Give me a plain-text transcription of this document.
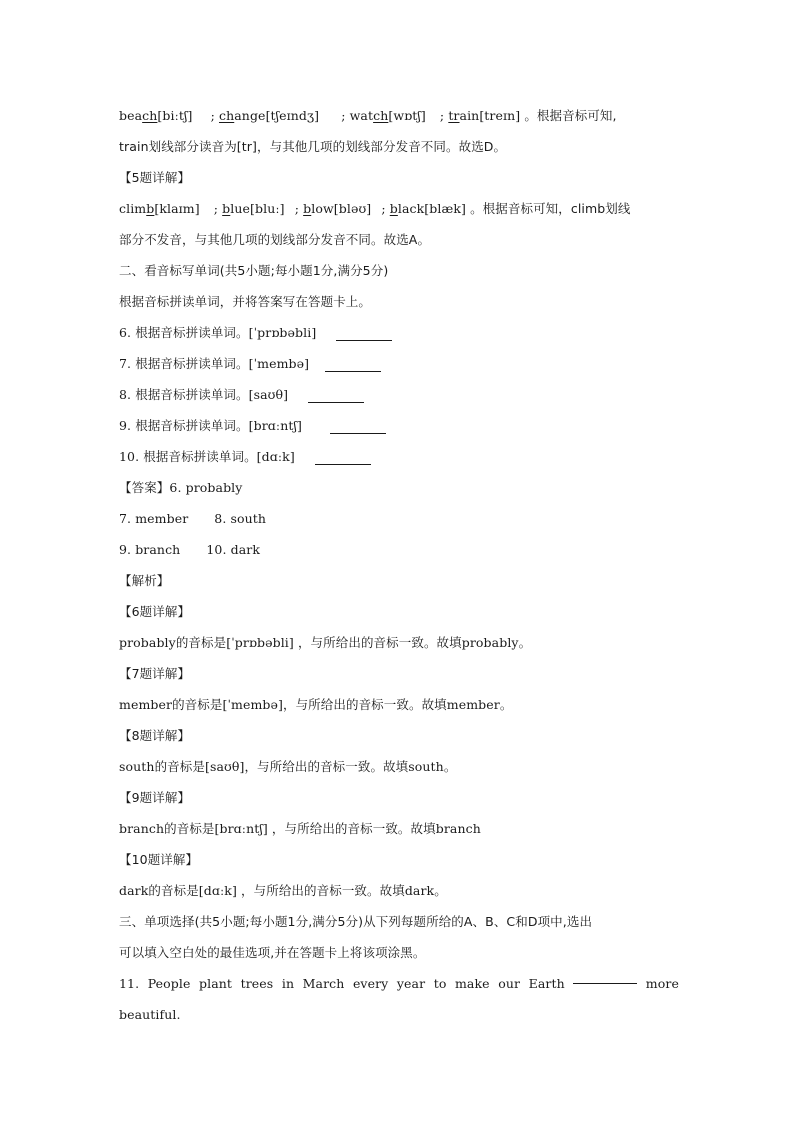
beach[biːtʃ] ; change[tʃeɪndʒ] ; watch[wɒtʃ] ; train[treɪn] 。根据音标可知,
train划线部分读音为[tr]，与其他几项的划线部分发音不同。故选D。
【5题详解】
climb[klaɪm] ; blue[bluː] ; blow[bləʊ] ; black[blæk] 。根据音标可知，climb划线
部分不发音，与其他几项的划线部分发音不同。故选A。
二、看音标写单词(共5小题;每小题1分,满分5分)
根据音标拼读单词，并将答案写在答题卡上。
6. 根据音标拼读单词。[ˈprɒbəbli]
7. 根据音标拼读单词。[ˈmembə]
8. 根据音标拼读单词。[saʊθ]
9. 根据音标拼读单词。[brɑːntʃ]
10. 根据音标拼读单词。[dɑːk]
【答案】6. probably
7. member 8. south
9. branch 10. dark
【解析】
【6题详解】
probably的音标是[ˈprɒbəbli] ，与所给出的音标一致。故填probably。
【7题详解】
member的音标是[ˈmembə]，与所给出的音标一致。故填member。
【8题详解】
south的音标是[saʊθ]，与所给出的音标一致。故填south。
【9题详解】
branch的音标是[brɑːntʃ] ，与所给出的音标一致。故填branch
【10题详解】
dark的音标是[dɑːk] ，与所给出的音标一致。故填dark。
三、单项选择(共5小题;每小题1分,满分5分)从下列每题所给的A、B、C和D项中,选出
可以填入空白处的最佳选项,并在答题卡上将该项涂黑。
11. People plant trees in March every year to make our Earth	more
beautiful.
